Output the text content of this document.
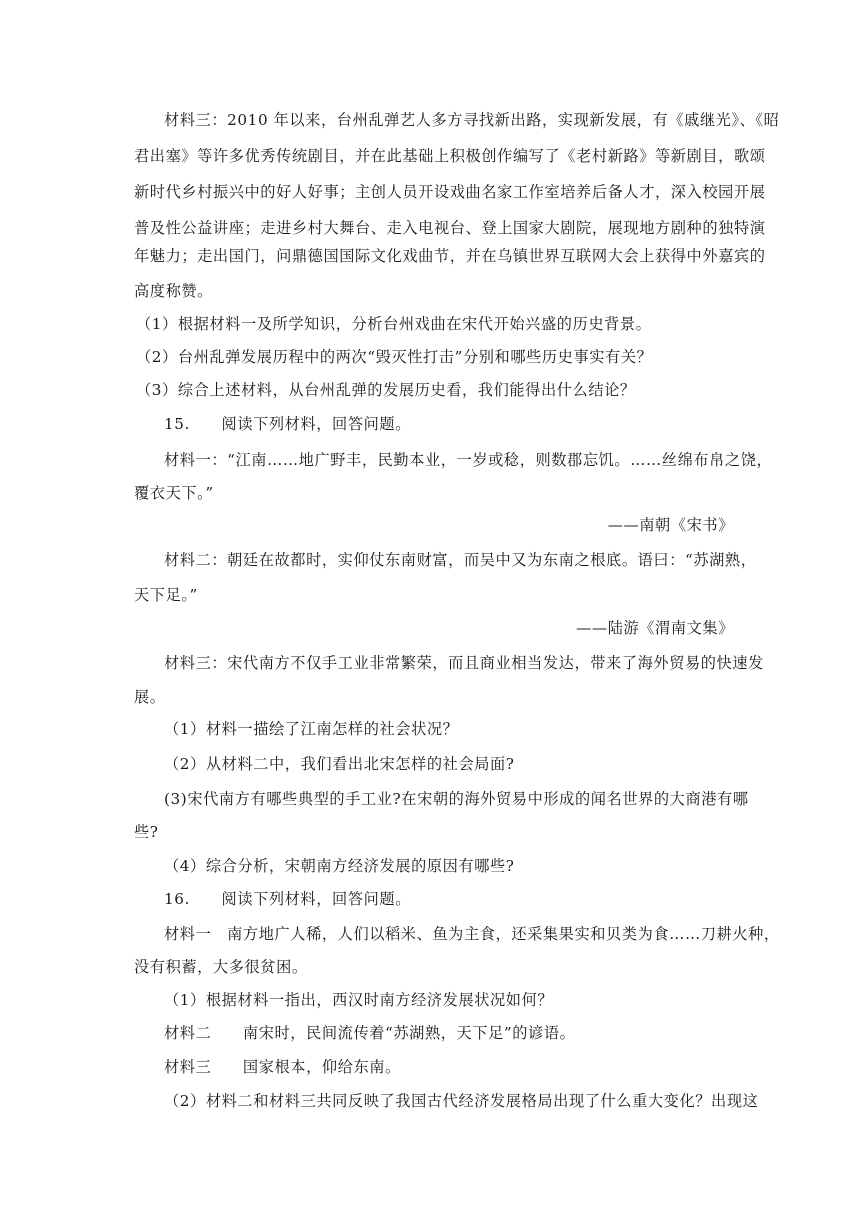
材料三：2010 年以来，台州乱弹艺人多方寻找新出路，实现新发展，有《戚继光》、《昭
君出塞》等许多优秀传统剧目，并在此基础上积极创作编写了《老村新路》等新剧目，歌颂
新时代乡村振兴中的好人好事；主创人员开设戏曲名家工作室培养后备人才，深入校园开展
普及性公益讲座；走进乡村大舞台、走入电视台、登上国家大剧院，展现地方剧种的独特演
年魅力；走出国门，问鼎德国国际文化戏曲节，并在乌镇世界互联网大会上获得中外嘉宾的
高度称赞。
（1）根据材料一及所学知识，分析台州戏曲在宋代开始兴盛的历史背景。
（2）台州乱弹发展历程中的两次“毁灭性打击”分别和哪些历史事实有关？
（3）综合上述材料，从台州乱弹的发展历史看，我们能得出什么结论？
15.　　阅读下列材料，回答问题。
材料一：“江南……地广野丰，民勤本业，一岁或稔，则数郡忘饥。……丝绵布帛之饶，
覆衣天下。”
——南朝《宋书》
材料二：朝廷在故都时，实仰仗东南财富，而吴中又为东南之根底。语曰：“苏湖熟，
天下足。”
——陆游《渭南文集》
材料三：宋代南方不仅手工业非常繁荣，而且商业相当发达，带来了海外贸易的快速发
展。
（1）材料一描绘了江南怎样的社会状况？
（2）从材料二中，我们看出北宋怎样的社会局面?
(3)宋代南方有哪些典型的手工业?在宋朝的海外贸易中形成的闻名世界的大商港有哪
些?
（4）综合分析，宋朝南方经济发展的原因有哪些?
16.　　阅读下列材料，回答问题。
材料一　南方地广人稀，人们以稻米、鱼为主食，还采集果实和贝类为食……刀耕火种，
没有积蓄，大多很贫困。
（1）根据材料一指出，西汉时南方经济发展状况如何？
材料二　　南宋时，民间流传着“苏湖熟，天下足”的谚语。
材料三　　国家根本，仰给东南。
（2）材料二和材料三共同反映了我国古代经济发展格局出现了什么重大变化？出现这
